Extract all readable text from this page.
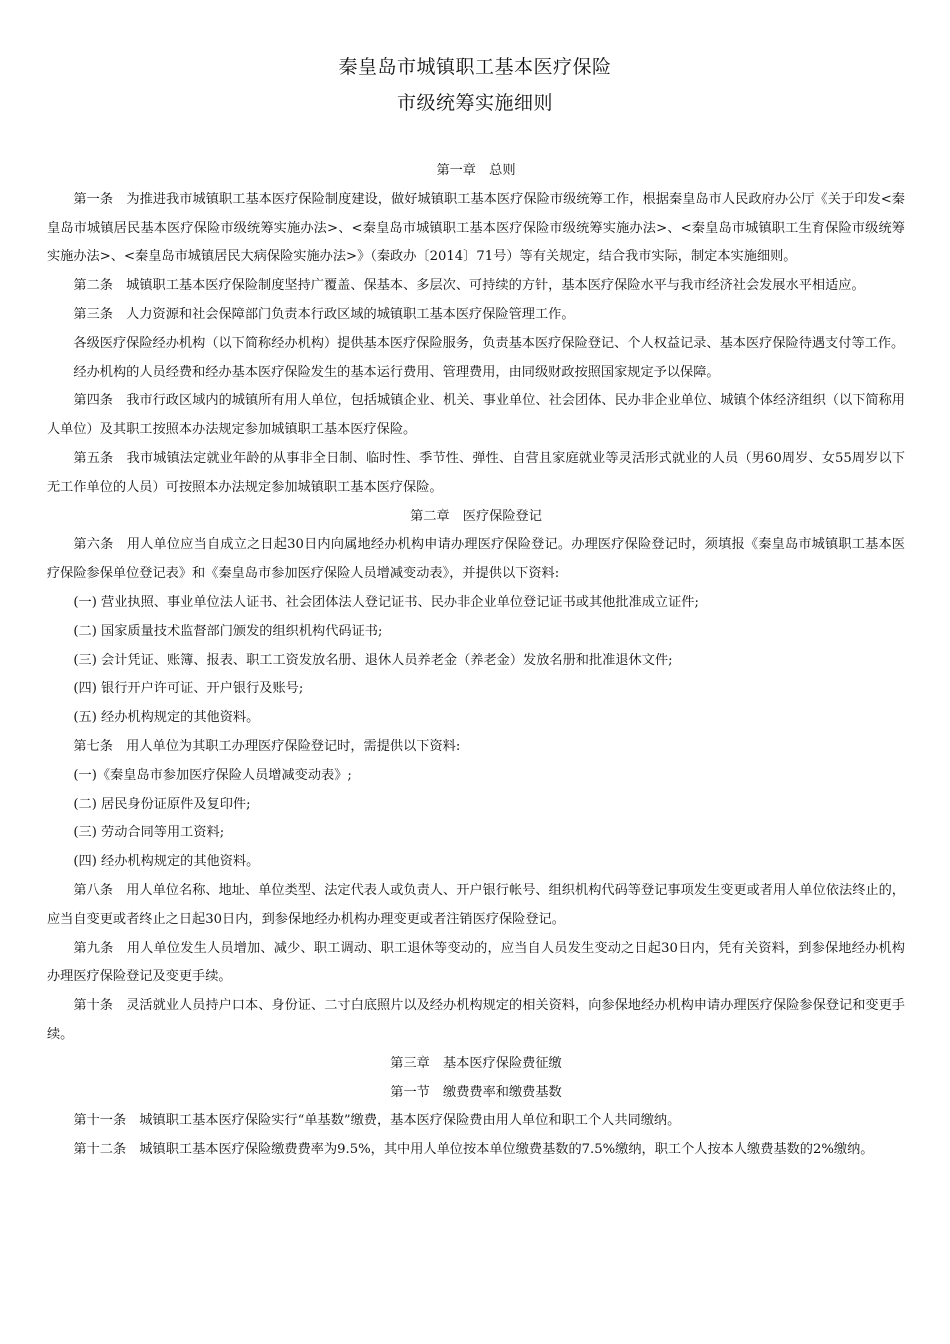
秦皇岛市城镇职工基本医疗保险
市级统筹实施细则

第一章　总则

第一条　为推进我市城镇职工基本医疗保险制度建设，做好城镇职工基本医疗保险市级统筹工作，根据秦皇岛市人民政府办公厅《关于印发<秦皇岛市城镇居民基本医疗保险市级统筹实施办法>、<秦皇岛市城镇职工基本医疗保险市级统筹实施办法>、<秦皇岛市城镇职工生育保险市级统筹实施办法>、<秦皇岛市城镇居民大病保险实施办法>》（秦政办〔2014〕71号）等有关规定，结合我市实际，制定本实施细则。

第二条　城镇职工基本医疗保险制度坚持广覆盖、保基本、多层次、可持续的方针，基本医疗保险水平与我市经济社会发展水平相适应。

第三条　人力资源和社会保障部门负责本行政区域的城镇职工基本医疗保险管理工作。

各级医疗保险经办机构（以下简称经办机构）提供基本医疗保险服务，负责基本医疗保险登记、个人权益记录、基本医疗保险待遇支付等工作。

经办机构的人员经费和经办基本医疗保险发生的基本运行费用、管理费用，由同级财政按照国家规定予以保障。

第四条　我市行政区域内的城镇所有用人单位，包括城镇企业、机关、事业单位、社会团体、民办非企业单位、城镇个体经济组织（以下简称用人单位）及其职工按照本办法规定参加城镇职工基本医疗保险。

第五条　我市城镇法定就业年龄的从事非全日制、临时性、季节性、弹性、自营且家庭就业等灵活形式就业的人员（男60周岁、女55周岁以下无工作单位的人员）可按照本办法规定参加城镇职工基本医疗保险。

第二章　医疗保险登记

第六条　用人单位应当自成立之日起30日内向属地经办机构申请办理医疗保险登记。办理医疗保险登记时，须填报《秦皇岛市城镇职工基本医疗保险参保单位登记表》和《秦皇岛市参加医疗保险人员增减变动表》，并提供以下资料:

(一) 营业执照、事业单位法人证书、社会团体法人登记证书、民办非企业单位登记证书或其他批准成立证件;

(二) 国家质量技术监督部门颁发的组织机构代码证书;

(三) 会计凭证、账簿、报表、职工工资发放名册、退休人员养老金（养老金）发放名册和批准退休文件;

(四) 银行开户许可证、开户银行及账号;

(五) 经办机构规定的其他资料。

第七条　用人单位为其职工办理医疗保险登记时，需提供以下资料:

(一)《秦皇岛市参加医疗保险人员增减变动表》;

(二) 居民身份证原件及复印件;

(三) 劳动合同等用工资料;

(四) 经办机构规定的其他资料。

第八条　用人单位名称、地址、单位类型、法定代表人或负责人、开户银行帐号、组织机构代码等登记事项发生变更或者用人单位依法终止的，应当自变更或者终止之日起30日内，到参保地经办机构办理变更或者注销医疗保险登记。

第九条　用人单位发生人员增加、减少、职工调动、职工退休等变动的，应当自人员发生变动之日起30日内，凭有关资料，到参保地经办机构办理医疗保险登记及变更手续。

第十条　灵活就业人员持户口本、身份证、二寸白底照片以及经办机构规定的相关资料，向参保地经办机构申请办理医疗保险参保登记和变更手续。

第三章　基本医疗保险费征缴

第一节　缴费费率和缴费基数

第十一条　城镇职工基本医疗保险实行“单基数”缴费，基本医疗保险费由用人单位和职工个人共同缴纳。

第十二条　城镇职工基本医疗保险缴费费率为9.5%，其中用人单位按本单位缴费基数的7.5%缴纳，职工个人按本人缴费基数的2%缴纳。
